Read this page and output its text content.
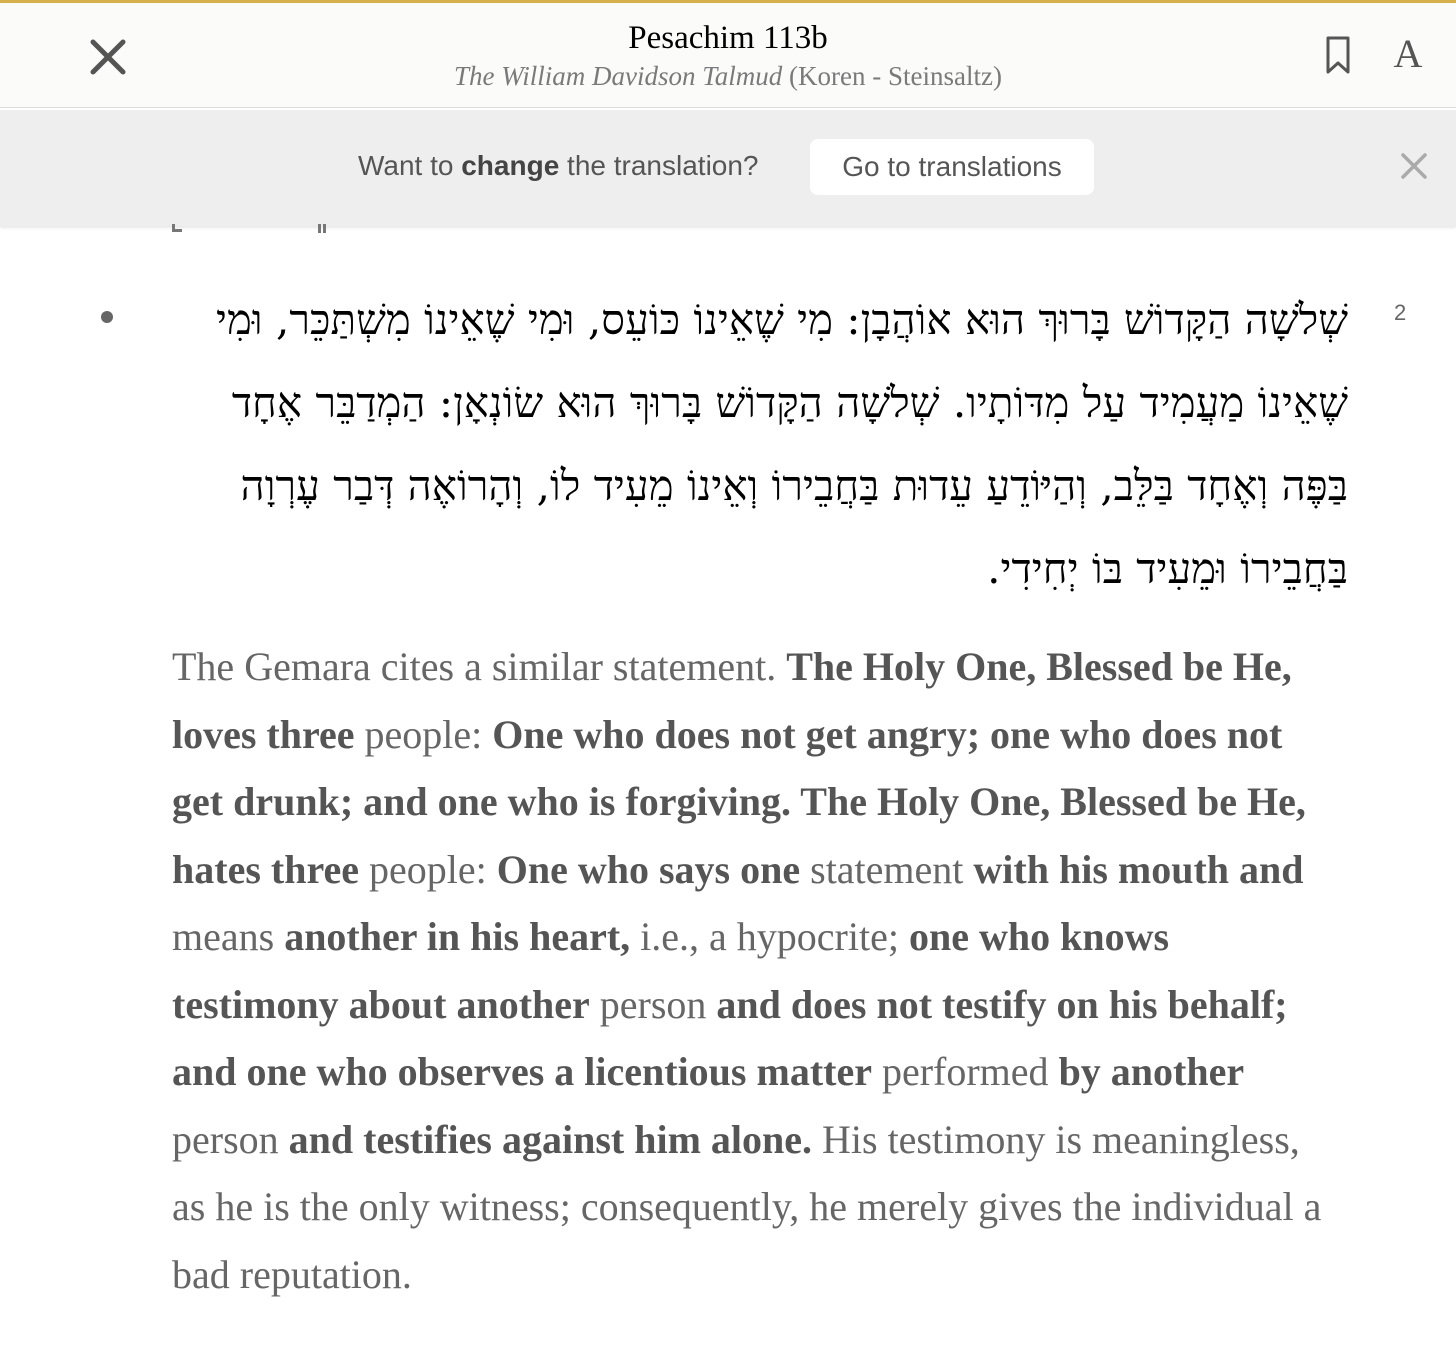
Pesachim 113b
The William Davidson Talmud (Koren - Steinsaltz)	A
Want to change the translation?	Go to translations
2
שְׁלֹשָׁה הַקָּדוֹשׁ בָּרוּךְ הוּא אוֹהֲבָן: מִי שֶׁאֵינוֹ כּוֹעֵס, וּמִי שֶׁאֵינוֹ מִשְׁתַּכֵּר, וּמִי שֶׁאֵינוֹ מַעֲמִיד עַל מִדּוֹתָיו. שְׁלֹשָׁה הַקָּדוֹשׁ בָּרוּךְ הוּא שׂוֹנְאָן: הַמְדַבֵּר אֶחָד בַּפֶּה וְאֶחָד בַּלֵּב, וְהַיּוֹדֵעַ עֵדוּת בַּחֲבֵירוֹ וְאֵינוֹ מֵעִיד לוֹ, וְהָרוֹאֶה דְּבַר עֶרְוָה בַּחֲבֵירוֹ וּמֵעִיד בּוֹ יְחִידִי.
The Gemara cites a similar statement. The Holy One, Blessed be He, loves three people: One who does not get angry; one who does not get drunk; and one who is forgiving. The Holy One, Blessed be He, hates three people: One who says one statement with his mouth and means another in his heart, i.e., a hypocrite; one who knows testimony about another person and does not testify on his behalf; and one who observes a licentious matter performed by another person and testifies against him alone. His testimony is meaningless, as he is the only witness; consequently, he merely gives the individual a bad reputation.
